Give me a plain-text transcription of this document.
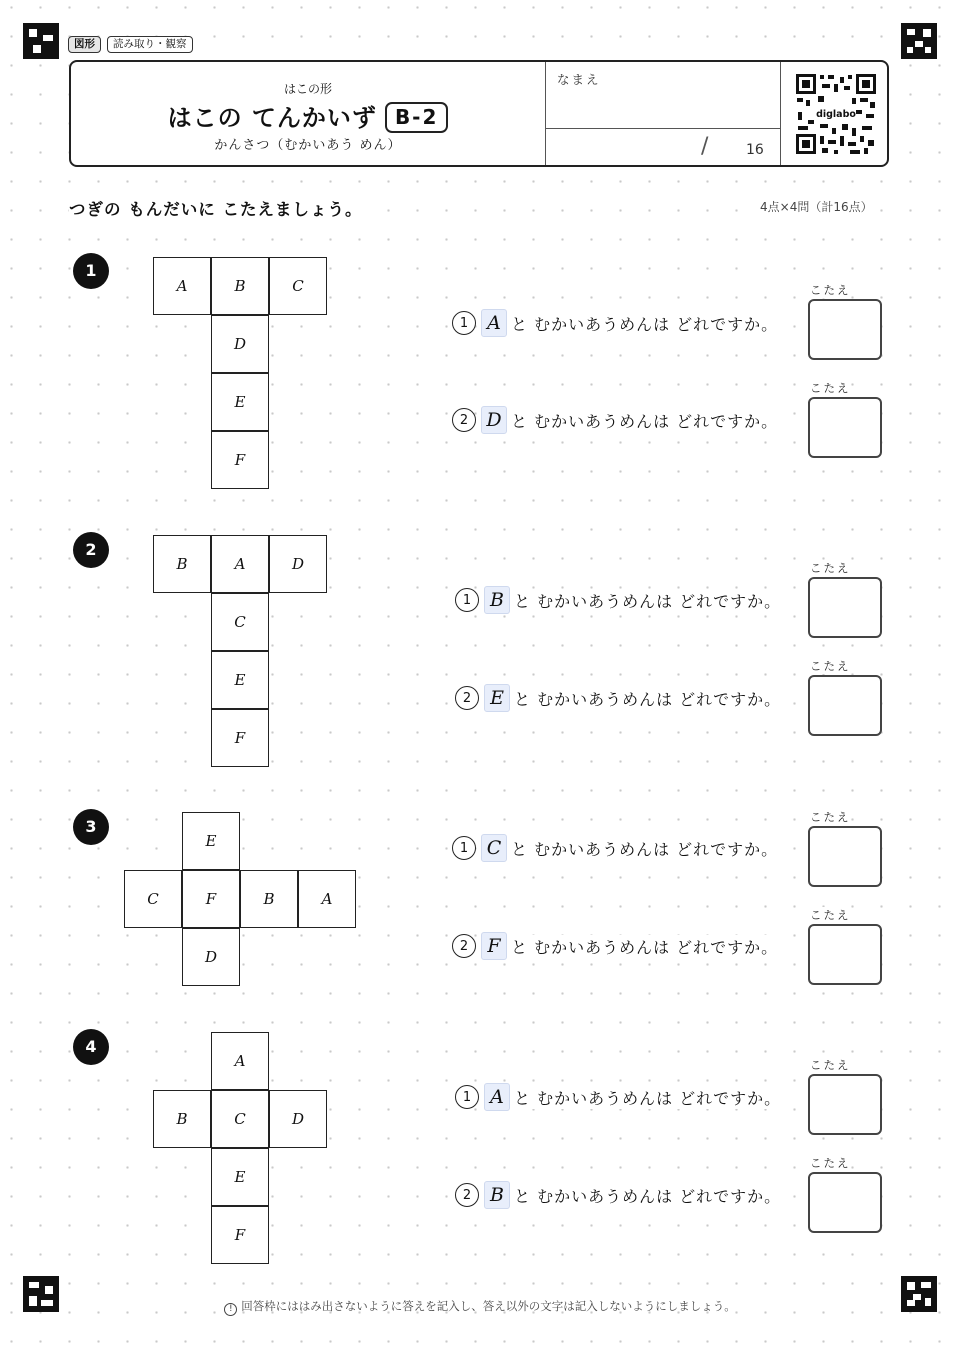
図形	読み取り・観察
はこの形
はこの てんかいず B-2
かんさつ（むかいあう めん）
なまえ
/	16
diglabo
つぎの もんだいに こたえましょう。	4点×4問（計16点）
1
A	B	C
D
E
F
1 A と むかいあうめんは どれですか。
こたえ
2 D と むかいあうめんは どれですか。
こたえ
2
B	A	D
C
E
F
1 B と むかいあうめんは どれですか。
こたえ
2 E と むかいあうめんは どれですか。
こたえ
3
E
C	F	B	A
D
1 C と むかいあうめんは どれですか。
こたえ
2	F と むかいあうめんは どれですか。
こたえ
4
A
B	C	D
E
F
1 A と むかいあうめんは どれですか。
こたえ
2 B と むかいあうめんは どれですか。
こたえ
! 回答枠にははみ出さないように答えを記入し、答え以外の文字は記入しないようにしましょう。
